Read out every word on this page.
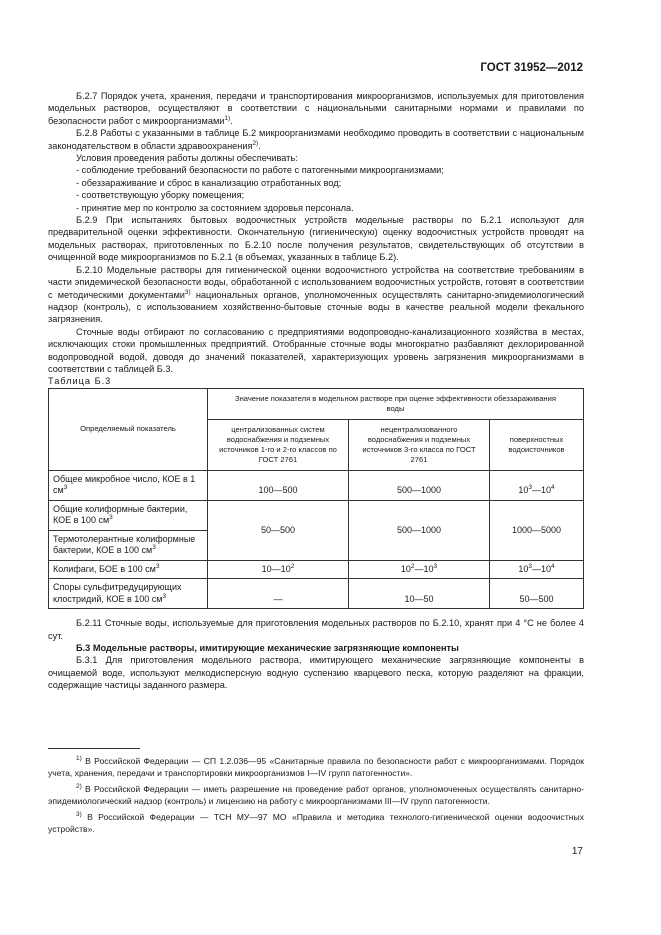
ГОСТ 31952—2012

Б.2.7 Порядок учета, хранения, передачи и транспортирования микроорганизмов, используемых для приготовления модельных растворов, осуществляют в соответствии с национальными санитарными нормами и правилами по безопасности работ с микроорганизмами$^{1)}$.

Б.2.8 Работы с указанными в таблице Б.2 микроорганизмами необходимо проводить в соответствии с национальным законодательством в области здравоохранения$^{2)}$.

Условия проведения работы должны обеспечивать:

- соблюдение требований безопасности по работе с патогенными микроорганизмами;

- обеззараживание и сброс в канализацию отработанных вод;

- соответствующую уборку помещения;

- принятие мер по контролю за состоянием здоровья персонала.

Б.2.9 При испытаниях бытовых водоочистных устройств модельные растворы по Б.2.1 используют для предварительной оценки эффективности. Окончательную (гигиеническую) оценку водоочистных устройств проводят на модельных растворах, приготовленных по Б.2.10 после получения результатов, свидетельствующих об отсутствии в очищенной воде микроорганизмов по Б.2.1 (в объемах, указанных в таблице Б.2).

Б.2.10 Модельные растворы для гигиенической оценки водоочистного устройства на соответствие требованиям в части эпидемической безопасности воды, обработанной с использованием водоочистных устройств, готовят в соответствии с методическими документами$^{3)}$ национальных органов, уполномоченных осуществлять санитарно-эпидемиологический надзор (контроль), с использованием хозяйственно-бытовые сточные воды в качестве реальной модели фекального загрязнения.

Сточные воды отбирают по согласованию с предприятиями водопроводно-канализационного хозяйства в местах, исключающих стоки промышленных предприятий. Отобранные сточные воды многократно разбавляют дехлорированной водопроводной водой, доводя до значений показателей, характеризующих уровень загрязнения микроорганизмами в соответствии с таблицей Б.3.

Таблица Б.3

Определяемый показатель	Значение показателя в модельном растворе при оценке эффективности обеззараживания воды		
	централизованных систем водоснабжения и подземных источников 1-го и 2-го классов по ГОСТ 2761	нецентрализованного водоснабжения и подземных источников 3-го класса по ГОСТ 2761	поверхностных водоисточников
Общее микробное число, КОЕ в 1 $см^3$	100—500	500—1000	$10^3—10^4$
Общие колиформные бактерии, КОЕ в 100 $см^3$	50—500	500—1000	1000—5000
Термотолерантные колиформные бактерии, КОЕ в 100 $см^3$
Колифаги, БОЕ в 100 $см^3$	$10—10^2$	$10^2—10^3$	$10^3—10^4$
Споры сульфитредуцирующих клостридий, КОЕ в 100 $см^3$	—	10—50	50—500

Б.2.11 Сточные воды, используемые для приготовления модельных растворов по Б.2.10, хранят при 4 °С не более 4 сут.

Б.3 Модельные растворы, имитирующие механические загрязняющие компоненты

Б.3.1 Для приготовления модельного раствора, имитирующего механические загрязняющие компоненты в очищаемой воде, используют мелкодисперсную водную суспензию кварцевого песка, которую разделяют на фракции, содержащие частицы заданного размера.

$^{1)}$ В Российской Федерации — СП 1.2.036—95 «Санитарные правила по безопасности работ с микроорганизмами. Порядок учета, хранения, передачи и транспортировки микроорганизмов I—IV групп патогенности».

$^{2)}$ В Российской Федерации — иметь разрешение на проведение работ органов, уполномоченных осуществлять санитарно-эпидемиологический надзор (контроль) и лицензию на работу с микроорганизмами III—IV групп патогенности.

$^{3)}$ В Российской Федерации — ТСН МУ—97 МО «Правила и методика технолого-гигиенической оценки водоочистных устройств».

17
